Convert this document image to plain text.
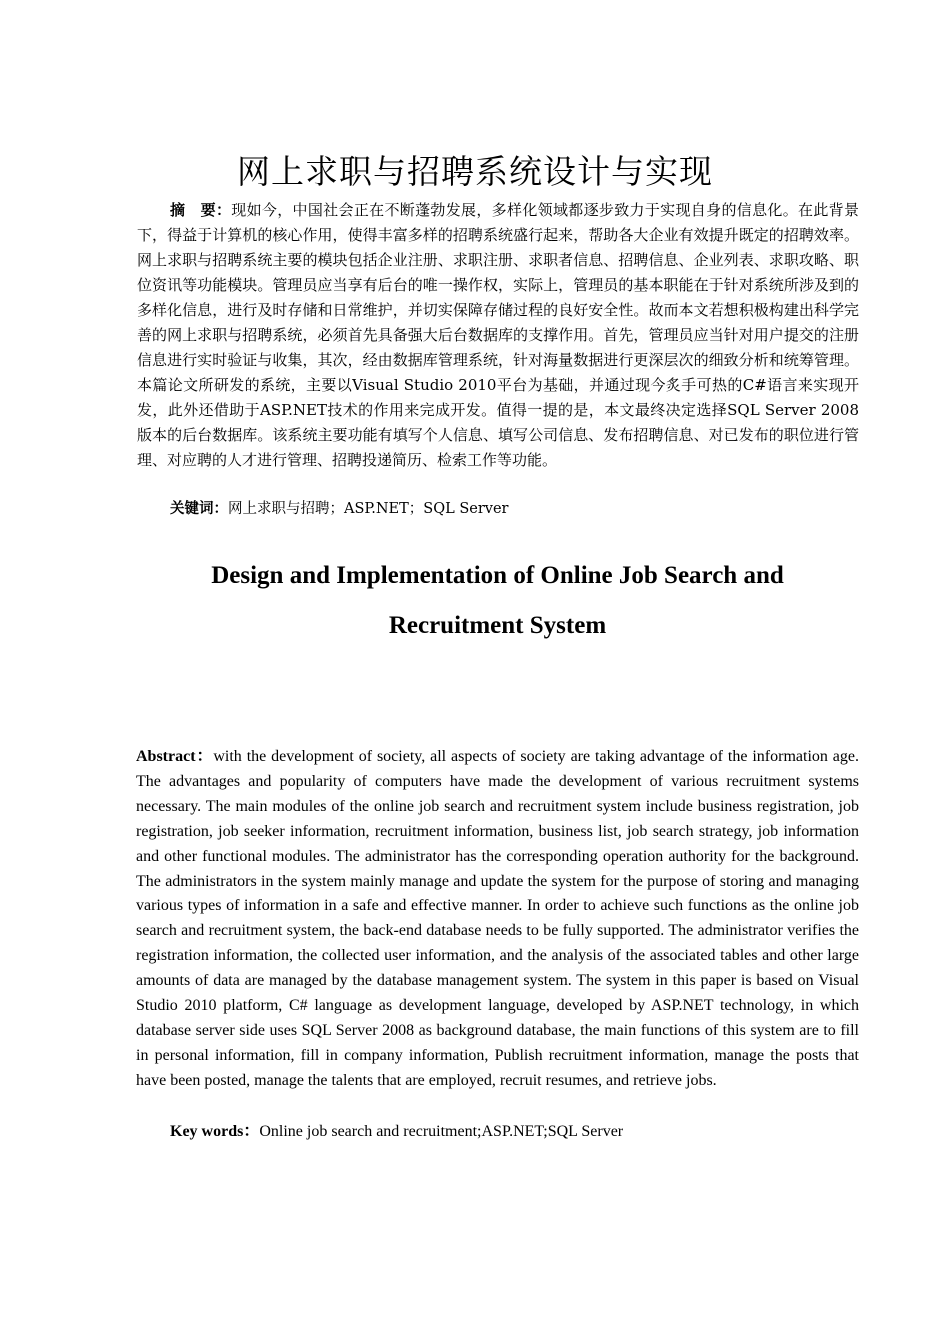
网上求职与招聘系统设计与实现

摘　要：现如今，中国社会正在不断蓬勃发展，多样化领域都逐步致力于实现自身的信息化。在此背景下，得益于计算机的核心作用，使得丰富多样的招聘系统盛行起来，帮助各大企业有效提升既定的招聘效率。网上求职与招聘系统主要的模块包括企业注册、求职注册、求职者信息、招聘信息、企业列表、求职攻略、职位资讯等功能模块。管理员应当享有后台的唯一操作权，实际上，管理员的基本职能在于针对系统所涉及到的多样化信息，进行及时存储和日常维护，并切实保障存储过程的良好安全性。故而本文若想积极构建出科学完善的网上求职与招聘系统，必须首先具备强大后台数据库的支撑作用。首先，管理员应当针对用户提交的注册信息进行实时验证与收集，其次，经由数据库管理系统，针对海量数据进行更深层次的细致分析和统筹管理。本篇论文所研发的系统，主要以Visual Studio 2010平台为基础，并通过现今炙手可热的C#语言来实现开发，此外还借助于ASP.NET技术的作用来完成开发。值得一提的是，本文最终决定选择SQL Server 2008版本的后台数据库。该系统主要功能有填写个人信息、填写公司信息、发布招聘信息、对已发布的职位进行管理、对应聘的人才进行管理、招聘投递简历、检索工作等功能。

关键词：网上求职与招聘；ASP.NET；SQL Server

Design and Implementation of Online Job Search and
Recruitment System

Abstract：with the development of society, all aspects of society are taking advantage of the information age. The advantages and popularity of computers have made the development of various recruitment systems necessary. The main modules of the online job search and recruitment system include business registration, job registration, job seeker information, recruitment information, business list, job search strategy, job information and other functional modules. The administrator has the corresponding operation authority for the background. The administrators in the system mainly manage and update the system for the purpose of storing and managing various types of information in a safe and effective manner. In order to achieve such functions as the online job search and recruitment system, the back-end database needs to be fully supported. The administrator verifies the registration information, the collected user information, and the analysis of the associated tables and other large amounts of data are managed by the database management system. The system in this paper is based on Visual Studio 2010 platform, C# language as development language, developed by ASP.NET technology, in which database server side uses SQL Server 2008 as background database, the main functions of this system are to fill in personal information, fill in company information, Publish recruitment information, manage the posts that have been posted, manage the talents that are employed, recruit resumes, and retrieve jobs.

Key words：Online job search and recruitment;ASP.NET;SQL Server
